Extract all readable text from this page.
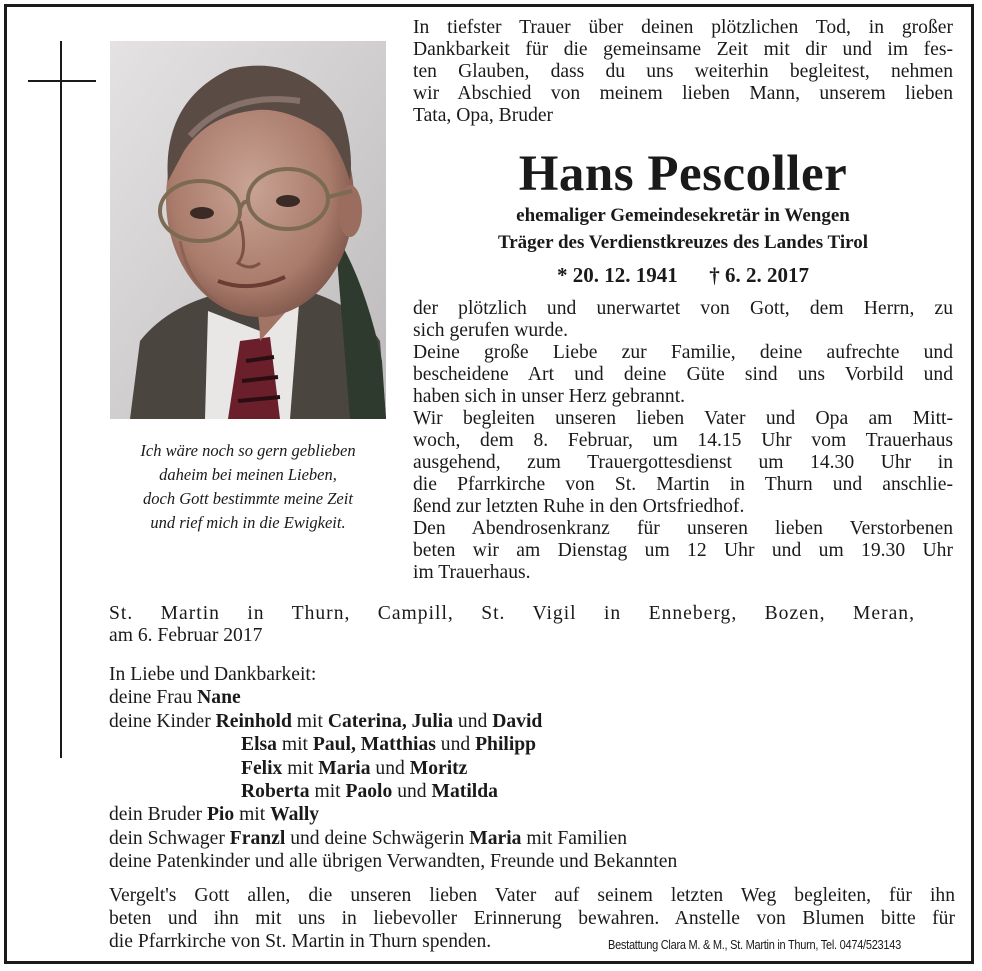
Ich wäre noch so gern geblieben
daheim bei meinen Lieben,
doch Gott bestimmte meine Zeit
und rief mich in die Ewigkeit.
In tiefster Trauer über deinen plötzlichen Tod, in großer
Dankbarkeit für die gemeinsame Zeit mit dir und im fes-
ten Glauben, dass du uns weiterhin begleitest, nehmen
wir Abschied von meinem lieben Mann, unserem lieben
Tata, Opa, Bruder
Hans Pescoller
ehemaliger Gemeindesekretär in Wengen
Träger des Verdienstkreuzes des Landes Tirol
* 20. 12. 1941 † 6. 2. 2017
der plötzlich und unerwartet von Gott, dem Herrn, zu
sich gerufen wurde.
Deine große Liebe zur Familie, deine aufrechte und
bescheidene Art und deine Güte sind uns Vorbild und
haben sich in unser Herz gebrannt.
Wir begleiten unseren lieben Vater und Opa am Mitt-
woch, dem 8. Februar, um 14.15 Uhr vom Trauerhaus
ausgehend, zum Trauergottesdienst um 14.30 Uhr in
die Pfarrkirche von St. Martin in Thurn und anschlie-
ßend zur letzten Ruhe in den Ortsfriedhof.
Den Abendrosenkranz für unseren lieben Verstorbenen
beten wir am Dienstag um 12 Uhr und um 19.30 Uhr
im Trauerhaus.
St. Martin in Thurn, Campill, St. Vigil in Enneberg, Bozen, Meran,
am 6. Februar 2017
In Liebe und Dankbarkeit:
deine Frau Nane
deine Kinder Reinhold mit Caterina, Julia und David
Elsa mit Paul, Matthias und Philipp
Felix mit Maria und Moritz
Roberta mit Paolo und Matilda
dein Bruder Pio mit Wally
dein Schwager Franzl und deine Schwägerin Maria mit Familien
deine Patenkinder und alle übrigen Verwandten, Freunde und Bekannten
Vergelt's Gott allen, die unseren lieben Vater auf seinem letzten Weg begleiten, für ihn
beten und ihn mit uns in liebevoller Erinnerung bewahren. Anstelle von Blumen bitte für
die Pfarrkirche von St. Martin in Thurn spenden.	Bestattung Clara M. & M., St. Martin in Thurn, Tel. 0474/523143
